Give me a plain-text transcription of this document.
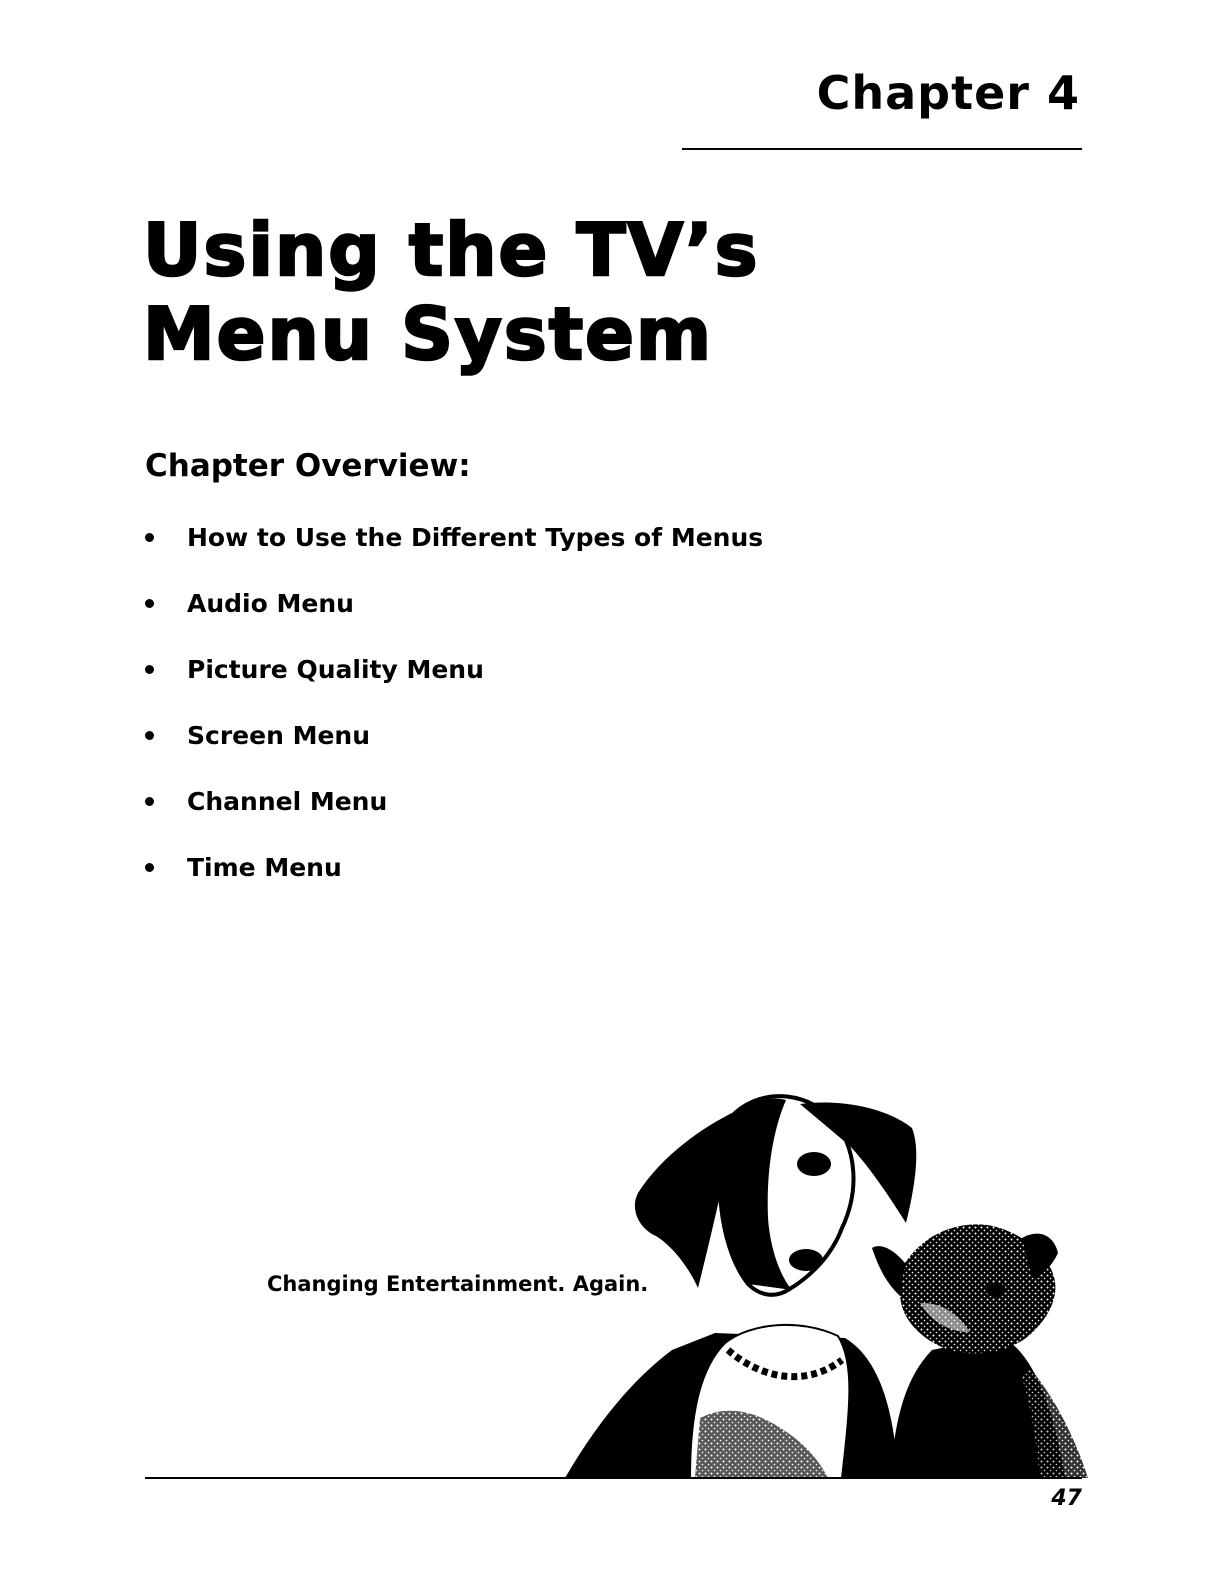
Chapter 4
Using the TV’s
Menu System
Chapter Overview:
How to Use the Different Types of Menus
Audio Menu
Picture Quality Menu
Screen Menu
Channel Menu
Time Menu
Changing Entertainment. Again.
47
